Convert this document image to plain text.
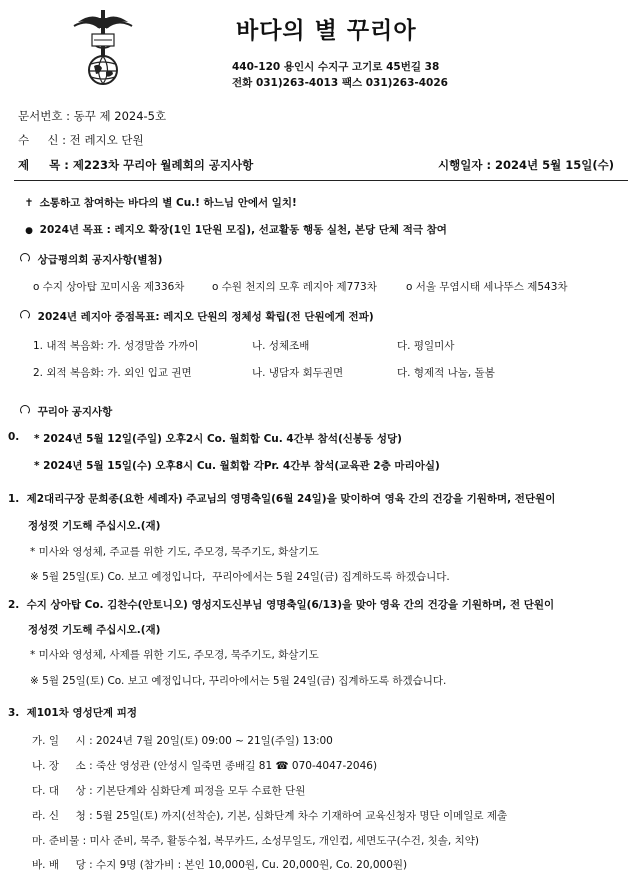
바다의 별 꾸리아
440-120 용인시 수지구 고기로 45번길 38
전화 031)263-4013 팩스 031)263-4026
문서번호 : 동꾸 제 2024-5호
수     신 : 전 레지오 단원
제     목 : 제223차 꾸리아 월례회의 공지사항	시행일자 : 2024년 5월 15일(수)
✝ 소통하고 참여하는 바다의 별 Cu.! 하느님 안에서 일치!
● 2024년 목표 : 레지오 확장(1인 1단원 모집), 선교활동 행동 실천, 본당 단체 적극 참여
상급평의회 공지사항(별첨)
o 수지 상아탑 꼬미시움 제336차	o 수원 천지의 모후 레지아 제773차	o 서울 무염시태 세나뚜스 제543차
2024년 레지아 중점목표: 레지오 단원의 정체성 확립(전 단원에게 전파)
1. 내적 복음화: 가. 성경말씀 가까이	나. 성체조배	다. 평일미사
2. 외적 복음화: 가. 외인 입교 권면	나. 냉담자 회두권면	다. 형제적 나눔, 돌봄
꾸리아 공지사항
0. * 2024년 5월 12일(주일) 오후2시 Co. 월회합 Cu. 4간부 참석(신봉동 성당)
* 2024년 5월 15일(수) 오후8시 Cu. 월회합 각Pr. 4간부 참석(교육관 2층 마리아실)
1.  제2대리구장 문희종(요한 세례자) 주교님의 영명축일(6월 24일)을 맞이하여 영육 간의 건강을 기원하며, 전단원이
정성껏 기도해 주십시오.(재)
* 미사와 영성체, 주교를 위한 기도, 주모경, 묵주기도, 화살기도
※ 5월 25일(토) Co. 보고 예정입니다,  꾸리아에서는 5월 24일(금) 집계하도록 하겠습니다.
2.  수지 상아탑 Co. 김찬수(안토니오) 영성지도신부님 영명축일(6/13)을 맞아 영육 간의 건강을 기원하며, 전 단원이
정성껏 기도해 주십시오.(재)
* 미사와 영성체, 사제를 위한 기도, 주모경, 묵주기도, 화살기도
※ 5월 25일(토) Co. 보고 예정입니다, 꾸리아에서는 5월 24일(금) 집계하도록 하겠습니다.
3.  제101차 영성단계 피정
가. 일     시 : 2024년 7월 20일(토) 09:00 ~ 21일(주일) 13:00
나. 장     소 : 죽산 영성관 (안성시 일죽면 종배길 81 ☎ 070-4047-2046)
다. 대     상 : 기본단계와 심화단계 피정을 모두 수료한 단원
라. 신     청 : 5월 25일(토) 까지(선착순), 기본, 심화단계 차수 기재하여 교육신청자 명단 이메일로 제출
마. 준비물 : 미사 준비, 묵주, 활동수첩, 복무카드, 소성무일도, 개인컵, 세면도구(수건, 칫솔, 치약)
바. 배     당 : 수지 9명 (참가비 : 본인 10,000원, Cu. 20,000원, Co. 20,000원)
